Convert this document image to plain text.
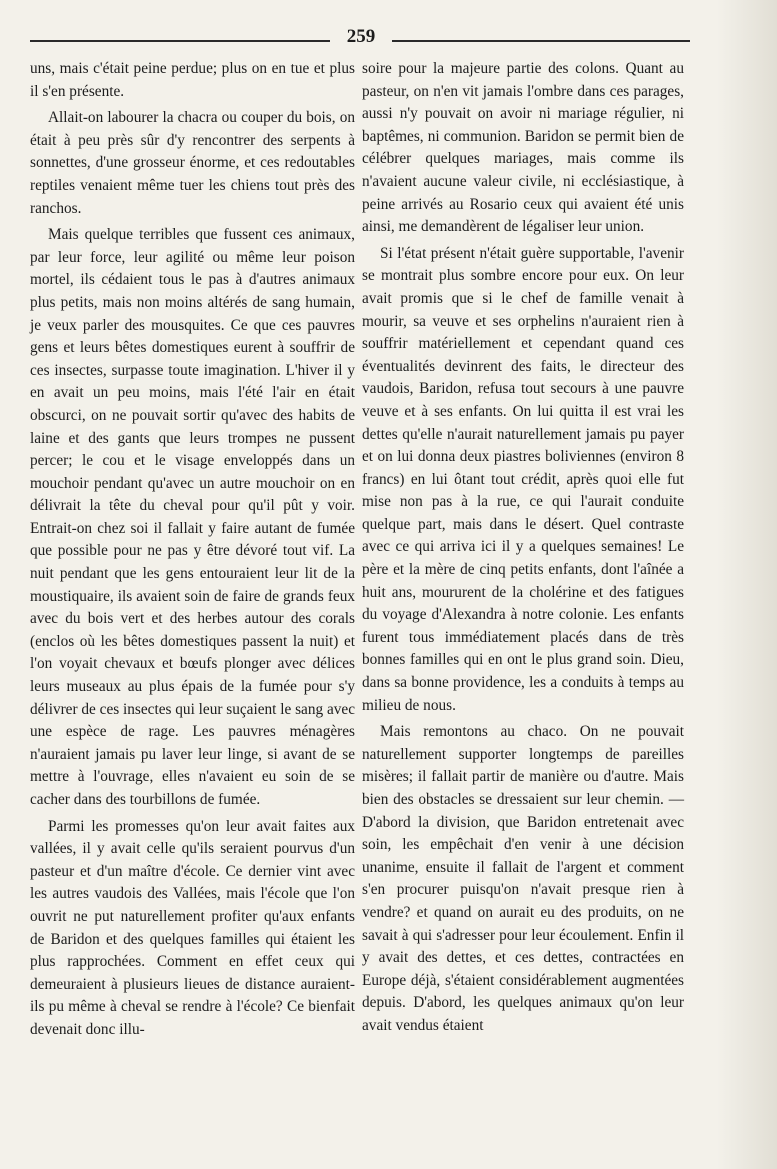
259

uns, mais c'était peine perdue; plus on en tue et plus il s'en présente.

Allait-on labourer la chacra ou couper du bois, on était à peu près sûr d'y rencontrer des serpents à sonnettes, d'une grosseur énorme, et ces redoutables reptiles venaient même tuer les chiens tout près des ranchos.

Mais quelque terribles que fussent ces animaux, par leur force, leur agilité ou même leur poison mortel, ils cédaient tous le pas à d'autres animaux plus petits, mais non moins altérés de sang humain, je veux parler des mousquites. Ce que ces pauvres gens et leurs bêtes domestiques eurent à souffrir de ces insectes, surpasse toute imagination. L'hiver il y en avait un peu moins, mais l'été l'air en était obscurci, on ne pouvait sortir qu'avec des habits de laine et des gants que leurs trompes ne pussent percer; le cou et le visage enveloppés dans un mouchoir pendant qu'avec un autre mouchoir on en délivrait la tête du cheval pour qu'il pût y voir. Entrait-on chez soi il fallait y faire autant de fumée que possible pour ne pas y être dévoré tout vif. La nuit pendant que les gens entouraient leur lit de la moustiquaire, ils avaient soin de faire de grands feux avec du bois vert et des herbes autour des corals (enclos où les bêtes domestiques passent la nuit) et l'on voyait chevaux et bœufs plonger avec délices leurs museaux au plus épais de la fumée pour s'y délivrer de ces insectes qui leur suçaient le sang avec une espèce de rage. Les pauvres ménagères n'auraient jamais pu laver leur linge, si avant de se mettre à l'ouvrage, elles n'avaient eu soin de se cacher dans des tourbillons de fumée.

Parmi les promesses qu'on leur avait faites aux vallées, il y avait celle qu'ils seraient pourvus d'un pasteur et d'un maître d'école. Ce dernier vint avec les autres vaudois des Vallées, mais l'école que l'on ouvrit ne put naturellement profiter qu'aux enfants de Baridon et des quelques familles qui étaient les plus rapprochées. Comment en effet ceux qui demeuraient à plusieurs lieues de distance auraient-ils pu même à cheval se rendre à l'école? Ce bienfait devenait donc illu-

soire pour la majeure partie des colons. Quant au pasteur, on n'en vit jamais l'ombre dans ces parages, aussi n'y pouvait on avoir ni mariage régulier, ni baptêmes, ni communion. Baridon se permit bien de célébrer quelques mariages, mais comme ils n'avaient aucune valeur civile, ni ecclésiastique, à peine arrivés au Rosario ceux qui avaient été unis ainsi, me demandèrent de légaliser leur union.

Si l'état présent n'était guère supportable, l'avenir se montrait plus sombre encore pour eux. On leur avait promis que si le chef de famille venait à mourir, sa veuve et ses orphelins n'auraient rien à souffrir matériellement et cependant quand ces éventualités devinrent des faits, le directeur des vaudois, Baridon, refusa tout secours à une pauvre veuve et à ses enfants. On lui quitta il est vrai les dettes qu'elle n'aurait naturellement jamais pu payer et on lui donna deux piastres boliviennes (environ 8 francs) en lui ôtant tout crédit, après quoi elle fut mise non pas à la rue, ce qui l'aurait conduite quelque part, mais dans le désert. Quel contraste avec ce qui arriva ici il y a quelques semaines! Le père et la mère de cinq petits enfants, dont l'aînée a huit ans, moururent de la cholérine et des fatigues du voyage d'Alexandra à notre colonie. Les enfants furent tous immédiatement placés dans de très bonnes familles qui en ont le plus grand soin. Dieu, dans sa bonne providence, les a conduits à temps au milieu de nous.

Mais remontons au chaco. On ne pouvait naturellement supporter longtemps de pareilles misères; il fallait partir de manière ou d'autre. Mais bien des obstacles se dressaient sur leur chemin. — D'abord la division, que Baridon entretenait avec soin, les empêchait d'en venir à une décision unanime, ensuite il fallait de l'argent et comment s'en procurer puisqu'on n'avait presque rien à vendre? et quand on aurait eu des produits, on ne savait à qui s'adresser pour leur écoulement. Enfin il y avait des dettes, et ces dettes, contractées en Europe déjà, s'étaient considérablement augmentées depuis. D'abord, les quelques animaux qu'on leur avait vendus étaient
